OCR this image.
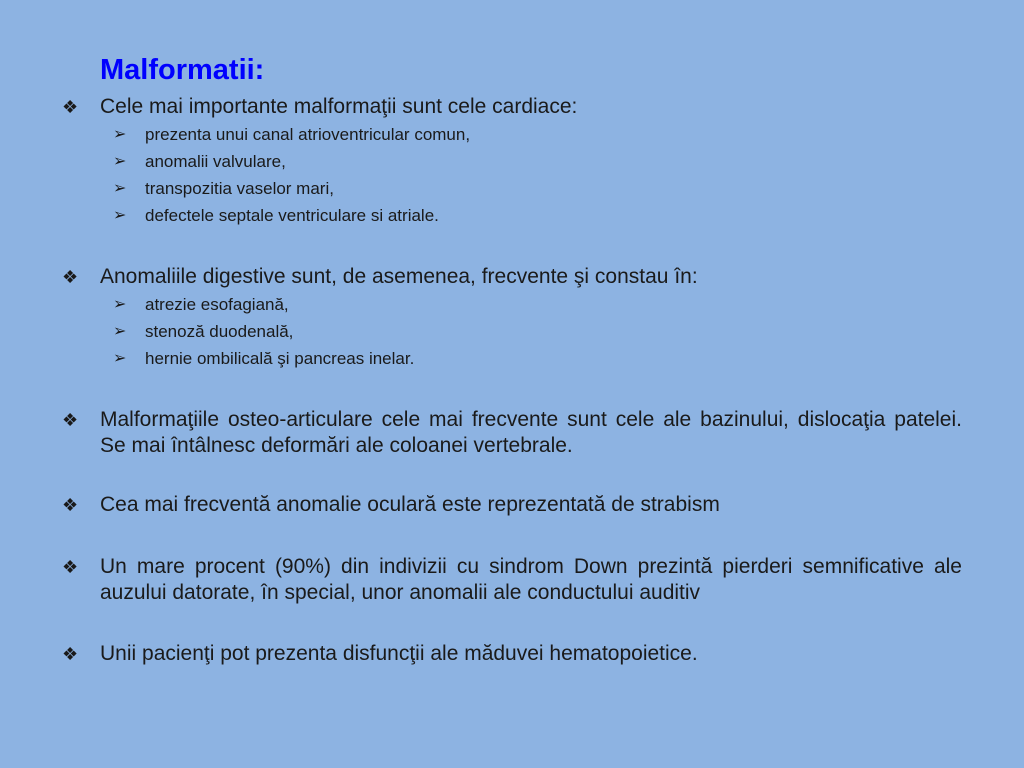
Malformatii:
❖ Cele mai importante malformaţii sunt cele cardiace:
➢ prezenta unui canal atrioventricular comun,
➢ anomalii valvulare,
➢ transpozitia vaselor mari,
➢ defectele septale ventriculare si atriale.
❖ Anomaliile digestive sunt, de asemenea, frecvente şi constau în:
➢ atrezie esofagiană,
➢ stenoză duodenală,
➢ hernie ombilicală şi pancreas inelar.
❖ Malformaţiile osteo-articulare cele mai frecvente sunt cele ale bazinului, dislocaţia patelei. Se mai întâlnesc deformări ale coloanei vertebrale.
❖ Cea mai frecventă anomalie oculară este reprezentată de strabism
❖ Un mare procent (90%) din indivizii cu sindrom Down prezintă pierderi semnificative ale auzului datorate, în special, unor anomalii ale conductului auditiv
❖ Unii pacienţi pot prezenta disfuncţii ale măduvei hematopoietice.
